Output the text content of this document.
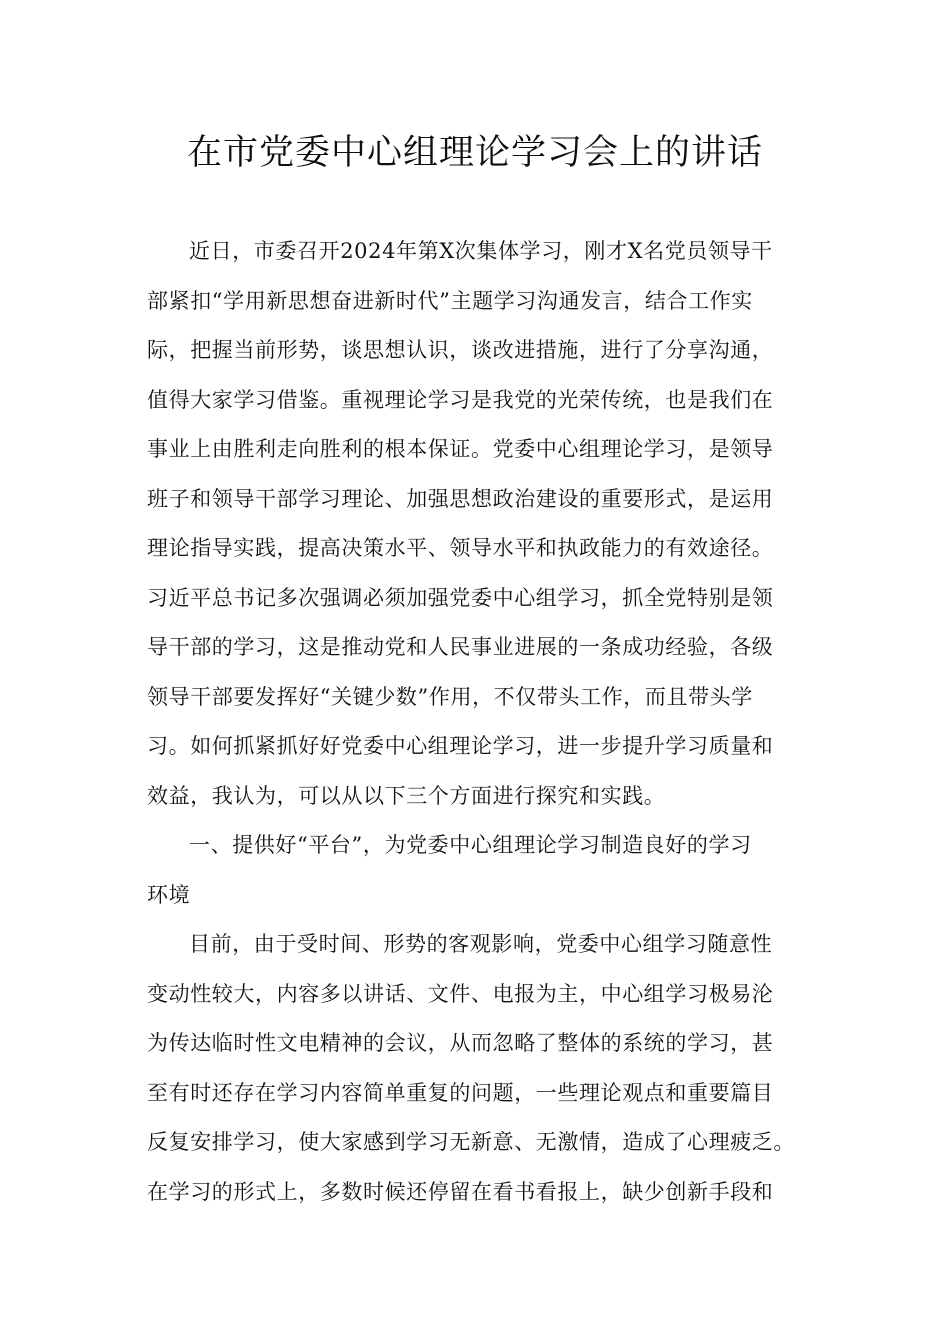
在市党委中心组理论学习会上的讲话
近日，市委召开2024年第X次集体学习，刚才X名党员领导干
部紧扣“学用新思想奋进新时代”主题学习沟通发言，结合工作实
际，把握当前形势，谈思想认识，谈改进措施，进行了分享沟通，
值得大家学习借鉴。重视理论学习是我党的光荣传统，也是我们在
事业上由胜利走向胜利的根本保证。党委中心组理论学习，是领导
班子和领导干部学习理论、加强思想政治建设的重要形式，是运用
理论指导实践，提高决策水平、领导水平和执政能力的有效途径。
习近平总书记多次强调必须加强党委中心组学习，抓全党特别是领
导干部的学习，这是推动党和人民事业进展的一条成功经验，各级
领导干部要发挥好“关键少数”作用，不仅带头工作，而且带头学
习。如何抓紧抓好好党委中心组理论学习，进一步提升学习质量和
效益，我认为，可以从以下三个方面进行探究和实践。
一、提供好“平台”，为党委中心组理论学习制造良好的学习
环境
目前，由于受时间、形势的客观影响，党委中心组学习随意性
变动性较大，内容多以讲话、文件、电报为主，中心组学习极易沦
为传达临时性文电精神的会议，从而忽略了整体的系统的学习，甚
至有时还存在学习内容简单重复的问题，一些理论观点和重要篇目
反复安排学习，使大家感到学习无新意、无激情，造成了心理疲乏。
在学习的形式上，多数时候还停留在看书看报上，缺少创新手段和
